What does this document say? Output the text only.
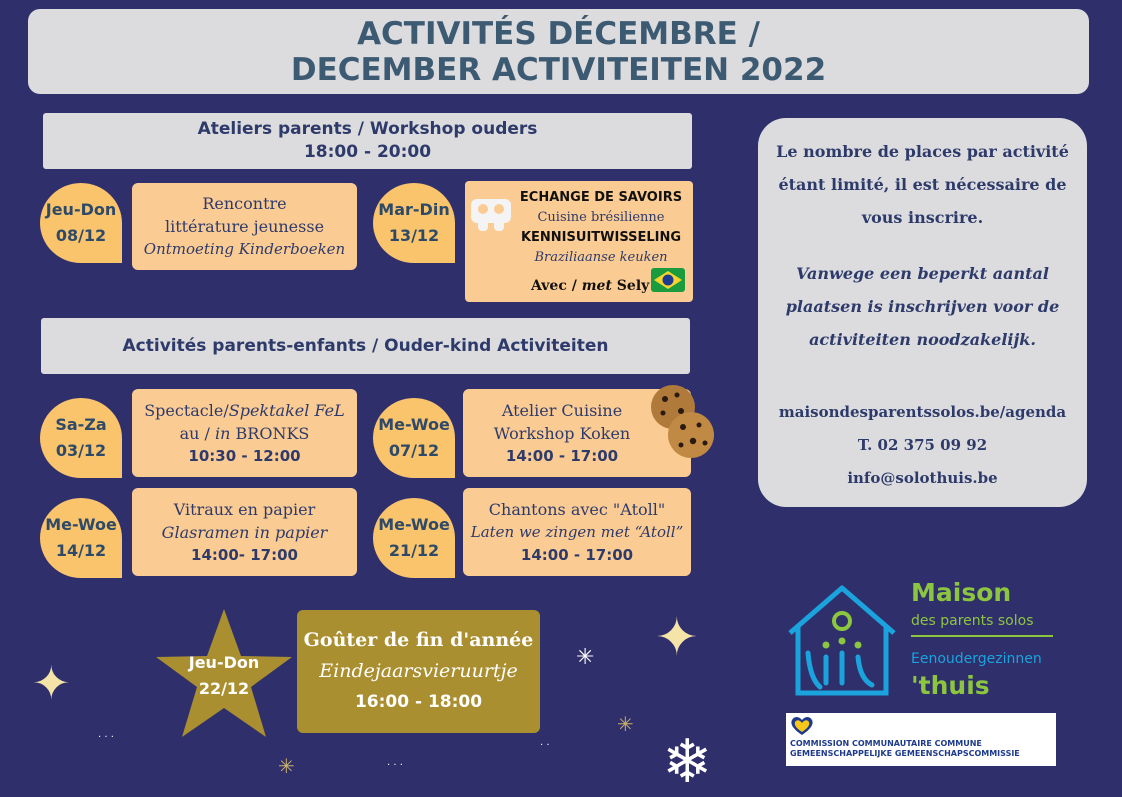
ACTIVITÉS DÉCEMBRE /
DECEMBER ACTIVITEITEN 2022
Ateliers parents / Workshop ouders
18:00 - 20:00
Jeu-Don
08/12
Rencontre
littérature jeunesse
Ontmoeting Kinderboeken
Mar-Din
13/12
ECHANGE DE SAVOIRS
Cuisine brésilienne
KENNISUITWISSELING
Braziliaanse keuken
Avec / met Sely
Activités parents-enfants / Ouder-kind Activiteiten
Sa-Za
03/12
Spectacle/Spektakel FeL
au / in BRONKS
10:30 - 12:00
Me-Woe
07/12
Atelier Cuisine
Workshop Koken
14:00 - 17:00
Me-Woe
14/12
Vitraux en papier
Glasramen in papier
14:00- 17:00
Me-Woe
21/12
Chantons avec "Atoll"
Laten we zingen met “Atoll”
14:00 - 17:00
Jeu-Don
22/12
Goûter de fin d'année
Eindejaarsvieruurtje
16:00 - 18:00
Le nombre de places par activité
étant limité, il est nécessaire de
vous inscrire.
Vanwege een beperkt aantal
plaatsen is inschrijven voor de
activiteiten noodzakelijk.
maisondesparentssolos.be/agenda
T. 02 375 09 92
info@solothuis.be
Maison
des parents solos
Eenoudergezinnen
'thuis
COMMISSION COMMUNAUTAIRE COMMUNE
GEMEENSCHAPPELIJKE GEMEENSCHAPSCOMMISSIE
✦
✦
✳
✳
✳	❄
· · ·
· · ·
· ·
